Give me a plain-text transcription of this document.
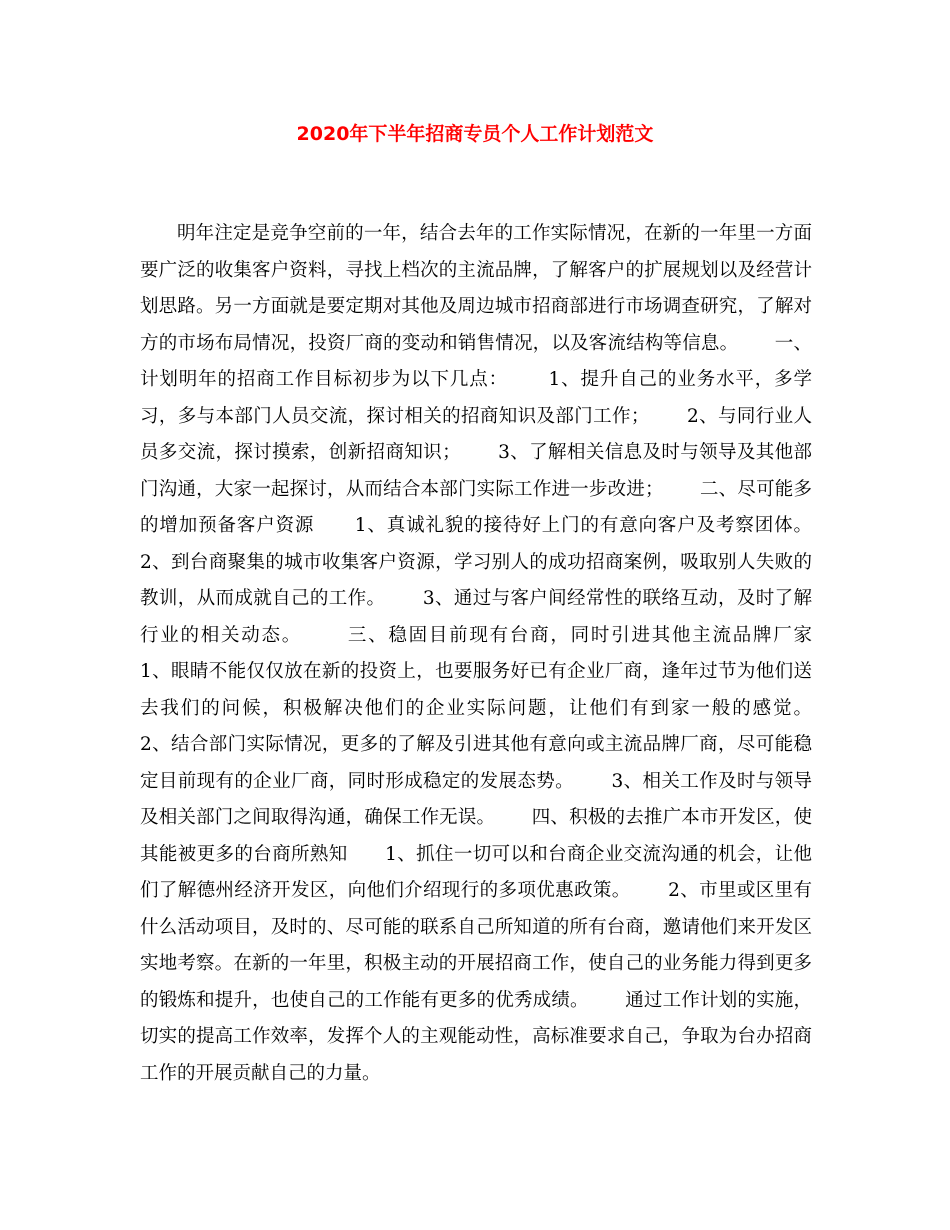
2020年下半年招商专员个人工作计划范文

明年注定是竞争空前的一年，结合去年的工作实际情况，在新的一年里一方面要广泛的收集客户资料，寻找上档次的主流品牌，了解客户的扩展规划以及经营计划思路。另一方面就是要定期对其他及周边城市招商部进行市场调查研究，了解对方的市场布局情况，投资厂商的变动和销售情况，以及客流结构等信息。      一、计划明年的招商工作目标初步为以下几点：      1、提升自己的业务水平，多学习，多与本部门人员交流，探讨相关的招商知识及部门工作；      2、与同行业人员多交流，探讨摸索，创新招商知识；      3、了解相关信息及时与领导及其他部门沟通，大家一起探讨，从而结合本部门实际工作进一步改进；      二、尽可能多的增加预备客户资源      1、真诚礼貌的接待好上门的有意向客户及考察团体。      2、到台商聚集的城市收集客户资源，学习别人的成功招商案例，吸取别人失败的教训，从而成就自己的工作。      3、通过与客户间经常性的联络互动，及时了解行业的相关动态。      三、稳固目前现有台商，同时引进其他主流品牌厂家      1、眼睛不能仅仅放在新的投资上，也要服务好已有企业厂商，逢年过节为他们送去我们的问候，积极解决他们的企业实际问题，让他们有到家一般的感觉。      2、结合部门实际情况，更多的了解及引进其他有意向或主流品牌厂商，尽可能稳定目前现有的企业厂商，同时形成稳定的发展态势。      3、相关工作及时与领导及相关部门之间取得沟通，确保工作无误。      四、积极的去推广本市开发区，使其能被更多的台商所熟知      1、抓住一切可以和台商企业交流沟通的机会，让他们了解德州经济开发区，向他们介绍现行的多项优惠政策。      2、市里或区里有什么活动项目，及时的、尽可能的联系自己所知道的所有台商，邀请他们来开发区实地考察。在新的一年里，积极主动的开展招商工作，使自己的业务能力得到更多的锻炼和提升，也使自己的工作能有更多的优秀成绩。      通过工作计划的实施，切实的提高工作效率，发挥个人的主观能动性，高标准要求自己，争取为台办招商工作的开展贡献自己的力量。
